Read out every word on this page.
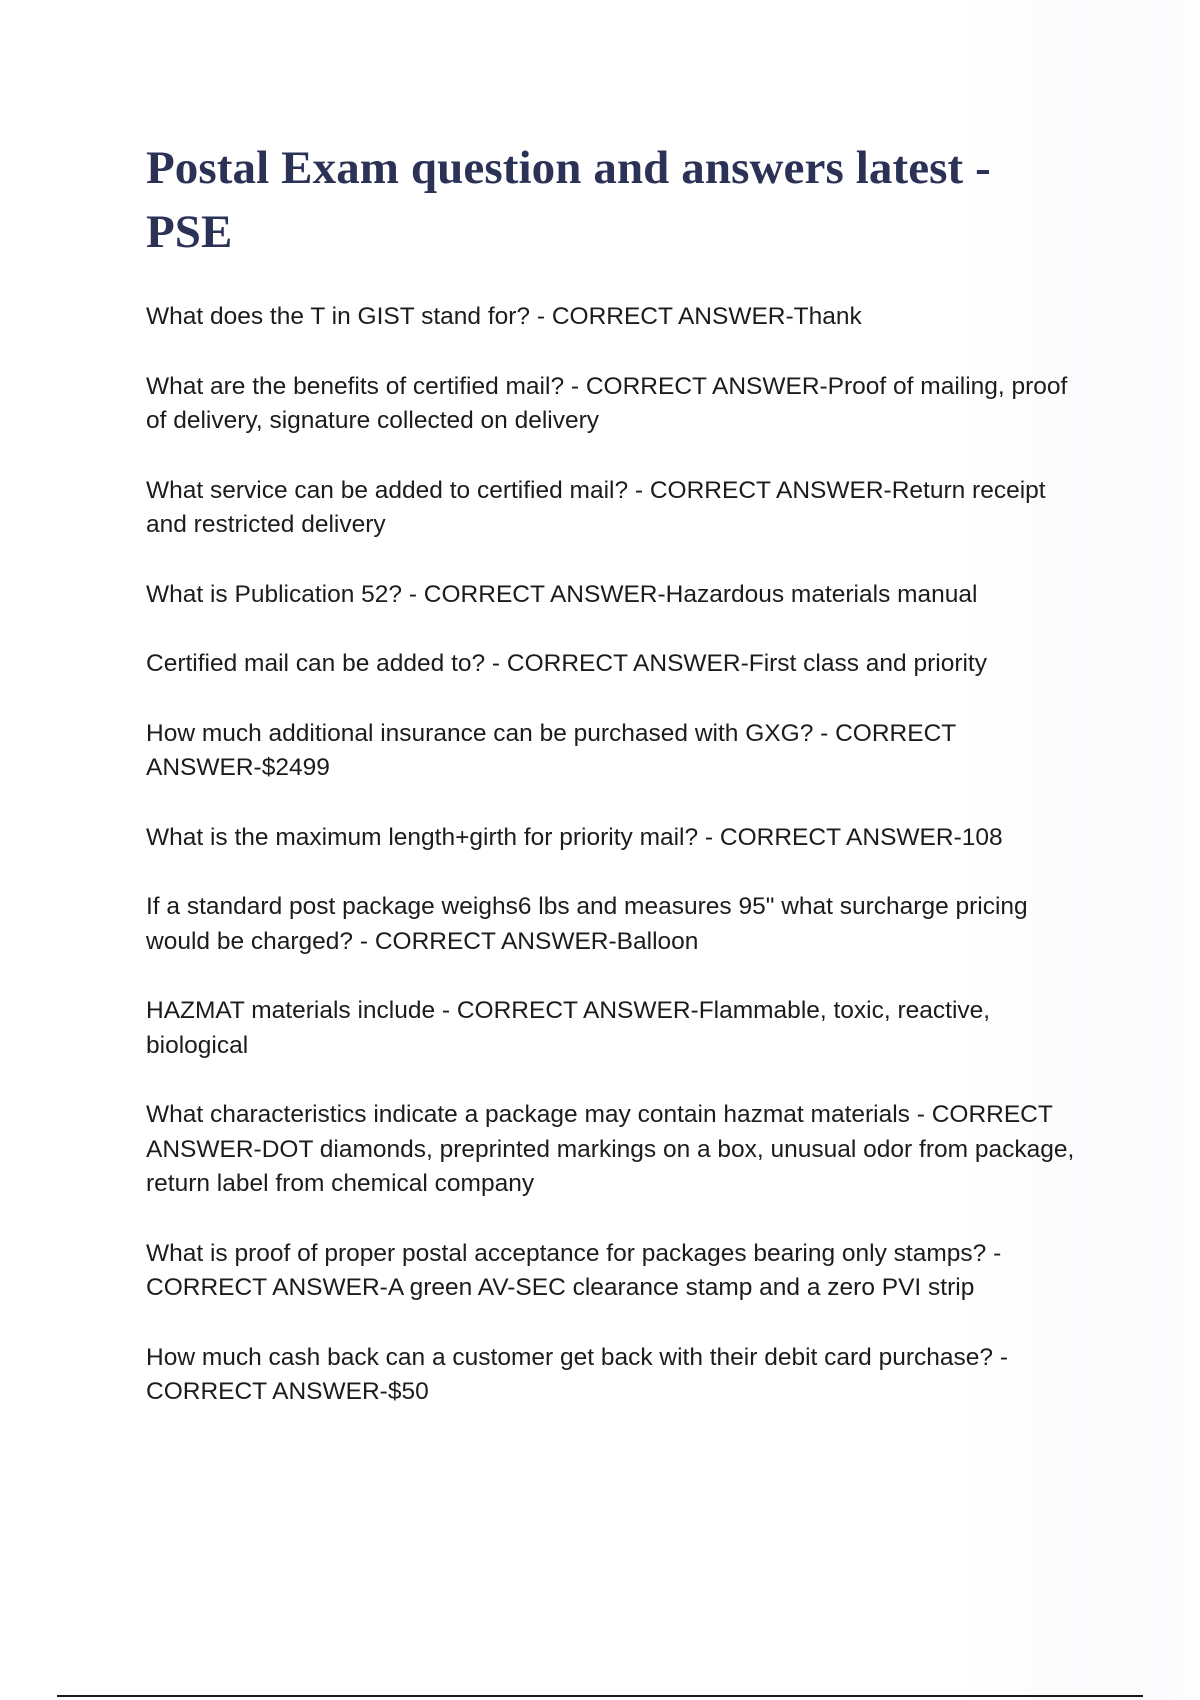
Postal Exam question and answers latest - PSE
What does the T in GIST stand for? - CORRECT ANSWER-Thank
What are the benefits of certified mail? - CORRECT ANSWER-Proof of mailing, proof of delivery, signature collected on delivery
What service can be added to certified mail? - CORRECT ANSWER-Return receipt and restricted delivery
What is Publication 52? - CORRECT ANSWER-Hazardous materials manual
Certified mail can be added to? - CORRECT ANSWER-First class and priority
How much additional insurance can be purchased with GXG? - CORRECT ANSWER-$2499
What is the maximum length+girth for priority mail? - CORRECT ANSWER-108
If a standard post package weighs6 lbs and measures 95" what surcharge pricing would be charged? - CORRECT ANSWER-Balloon
HAZMAT materials include - CORRECT ANSWER-Flammable, toxic, reactive, biological
What characteristics indicate a package may contain hazmat materials - CORRECT ANSWER-DOT diamonds, preprinted markings on a box, unusual odor from package, return label from chemical company
What is proof of proper postal acceptance for packages bearing only stamps? - CORRECT ANSWER-A green AV-SEC clearance stamp and a zero PVI strip
How much cash back can a customer get back with their debit card purchase? - CORRECT ANSWER-$50
